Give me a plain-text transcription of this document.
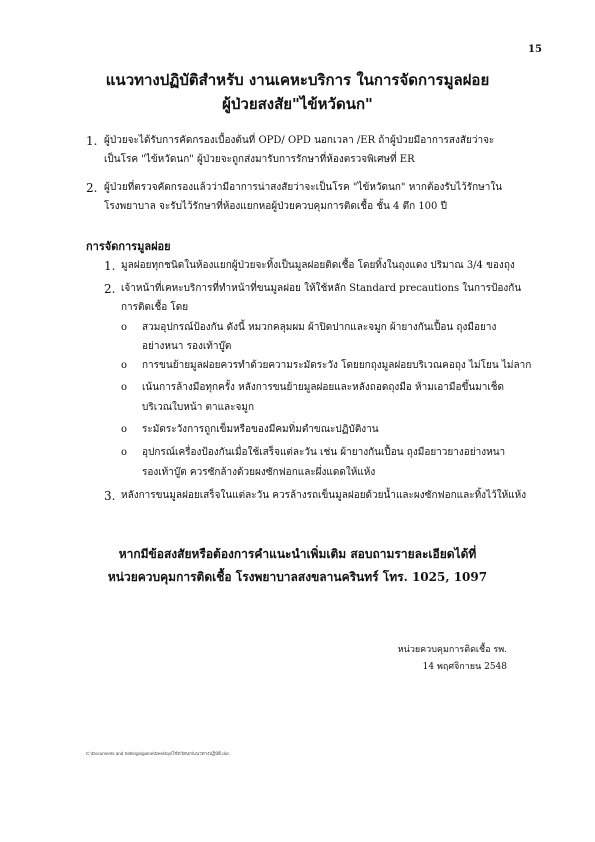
15
แนวทางปฏิบัติสำหรับ งานเคหะบริการ ในการจัดการมูลฝอย
ผู้ป่วยสงสัย"ไข้หวัดนก"
1. ผู้ป่วยจะได้รับการคัดกรองเบื้องต้นที่ OPD/ OPD นอกเวลา /ER ถ้าผู้ป่วยมีอาการสงสัยว่าจะ
เป็นโรค "ไข้หวัดนก" ผู้ป่วยจะถูกส่งมารับการรักษาที่ห้องตรวจพิเศษที่ ER
2. ผู้ป่วยที่ตรวจคัดกรองแล้วว่ามีอาการน่าสงสัยว่าจะเป็นโรค "ไข้หวัดนก" หากต้องรับไว้รักษาใน
โรงพยาบาล จะรับไว้รักษาที่ห้องแยกหอผู้ป่วยควบคุมการติดเชื้อ ชั้น 4 ตึก 100 ปี
การจัดการมูลฝอย
1. มูลฝอยทุกชนิดในห้องแยกผู้ป่วยจะทิ้งเป็นมูลฝอยติดเชื้อ โดยทิ้งในถุงแดง ปริมาณ 3/4 ของถุง
2. เจ้าหน้าที่เคหะบริการที่ทำหน้าที่ขนมูลฝอย ให้ใช้หลัก Standard precautions ในการป้องกัน
การติดเชื้อ โดย
o สวมอุปกรณ์ป้องกัน ดังนี้ หมวกคลุมผม ผ้าปิดปากและจมูก ผ้ายางกันเปื้อน ถุงมือยาง
อย่างหนา รองเท้าบู๊ต
o การขนย้ายมูลฝอยควรทำด้วยความระมัดระวัง โดยยกถุงมูลฝอยบริเวณคอถุง ไม่โยน ไม่ลาก
o เน้นการล้างมือทุกครั้ง หลังการขนย้ายมูลฝอยและหลังถอดถุงมือ ห้ามเอามือขึ้นมาเช็ด
บริเวณใบหน้า ตาและจมูก
o ระมัดระวังการถูกเข็มหรือของมีคมทิ่มตำขณะปฏิบัติงาน
o อุปกรณ์เครื่องป้องกันเมื่อใช้เสร็จแต่ละวัน เช่น ผ้ายางกันเปื้อน ถุงมือยาวยางอย่างหนา
รองเท้าบู๊ต ควรซักล้างด้วยผงซักฟอกและผึ่งแดดให้แห้ง
3. หลังการขนมูลฝอยเสร็จในแต่ละวัน ควรล้างรถเข็นมูลฝอยด้วยน้ำและผงซักฟอกและทิ้งไว้ให้แห้ง
หากมีข้อสงสัยหรือต้องการคำแนะนำเพิ่มเติม สอบถามรายละเอียดได้ที่
หน่วยควบคุมการติดเชื้อ โรงพยาบาลสงขลานครินทร์ โทร. 1025, 1097
หน่วยควบคุมการติดเชื้อ รพ.
14 พฤศจิกายน 2548
C:\Documents and Settings\game\Desktop\ไข้หวัดนก\แนวทางปฏิบัติ.doc
